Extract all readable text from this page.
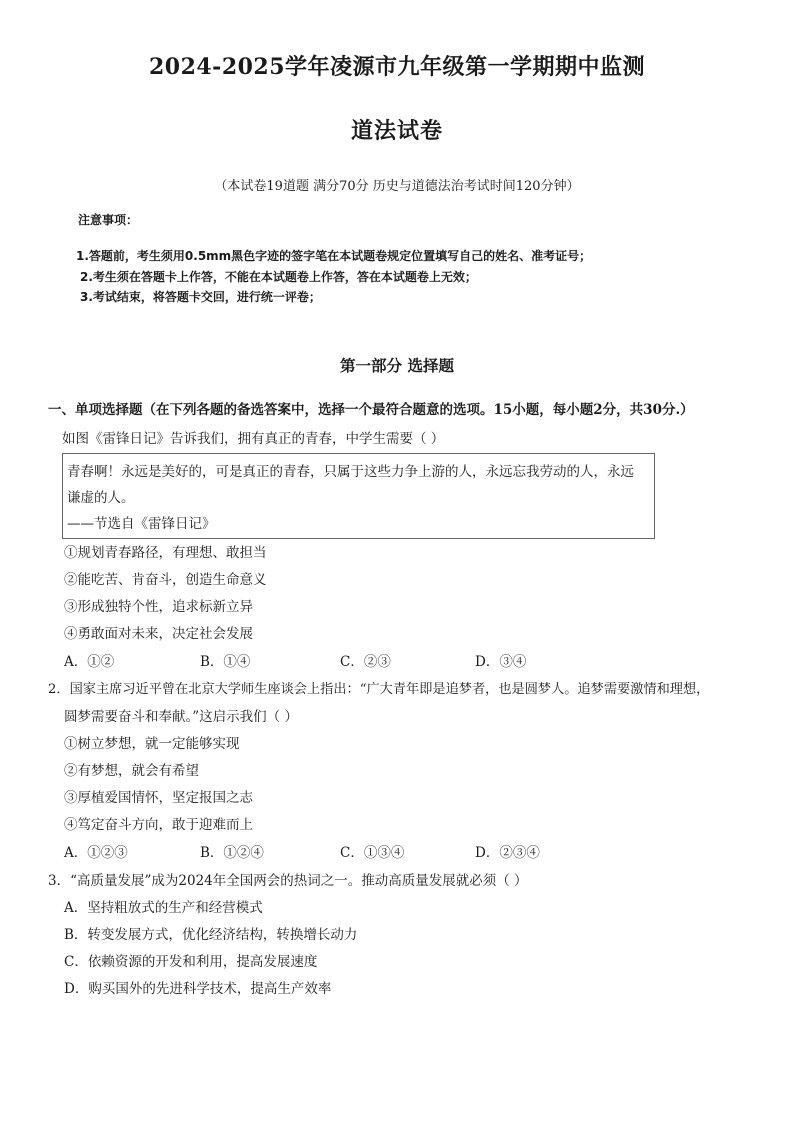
2024-2025学年凌源市九年级第一学期期中监测
道法试卷
（本试卷19道题 满分70分 历史与道德法治考试时间120分钟）
注意事项：
1.答题前，考生须用0.5mm黑色字迹的签字笔在本试题卷规定位置填写自己的姓名、准考证号；
2.考生须在答题卡上作答，不能在本试题卷上作答，答在本试题卷上无效；
3.考试结束，将答题卡交回，进行统一评卷；
第一部分 选择题
一、单项选择题（在下列各题的备选答案中，选择一个最符合题意的选项。15小题，每小题2分，共30分.）
如图《雷锋日记》告诉我们，拥有真正的青春，中学生需要（ ）
青春啊！永远是美好的，可是真正的青春，只属于这些力争上游的人，永远忘我劳动的人，永远
谦虚的人。
——节选自《雷锋日记》
①规划青春路径，有理想、敢担当
②能吃苦、肯奋斗，创造生命意义
③形成独特个性，追求标新立异
④勇敢面对未来，决定社会发展
A．①②	B．①④	C．②③	D．③④
2．国家主席习近平曾在北京大学师生座谈会上指出：“广大青年即是追梦者，也是圆梦人。追梦需要激情和理想，
圆梦需要奋斗和奉献。”这启示我们（ ）
①树立梦想，就一定能够实现
②有梦想，就会有希望
③厚植爱国情怀，坚定报国之志
④笃定奋斗方向，敢于迎难而上
A．①②③	B．①②④	C．①③④	D．②③④
3．“高质量发展”成为2024年全国两会的热词之一。推动高质量发展就必须（ ）
A．坚持粗放式的生产和经营模式
B．转变发展方式，优化经济结构，转换增长动力
C．依赖资源的开发和利用，提高发展速度
D．购买国外的先进科学技术，提高生产效率
